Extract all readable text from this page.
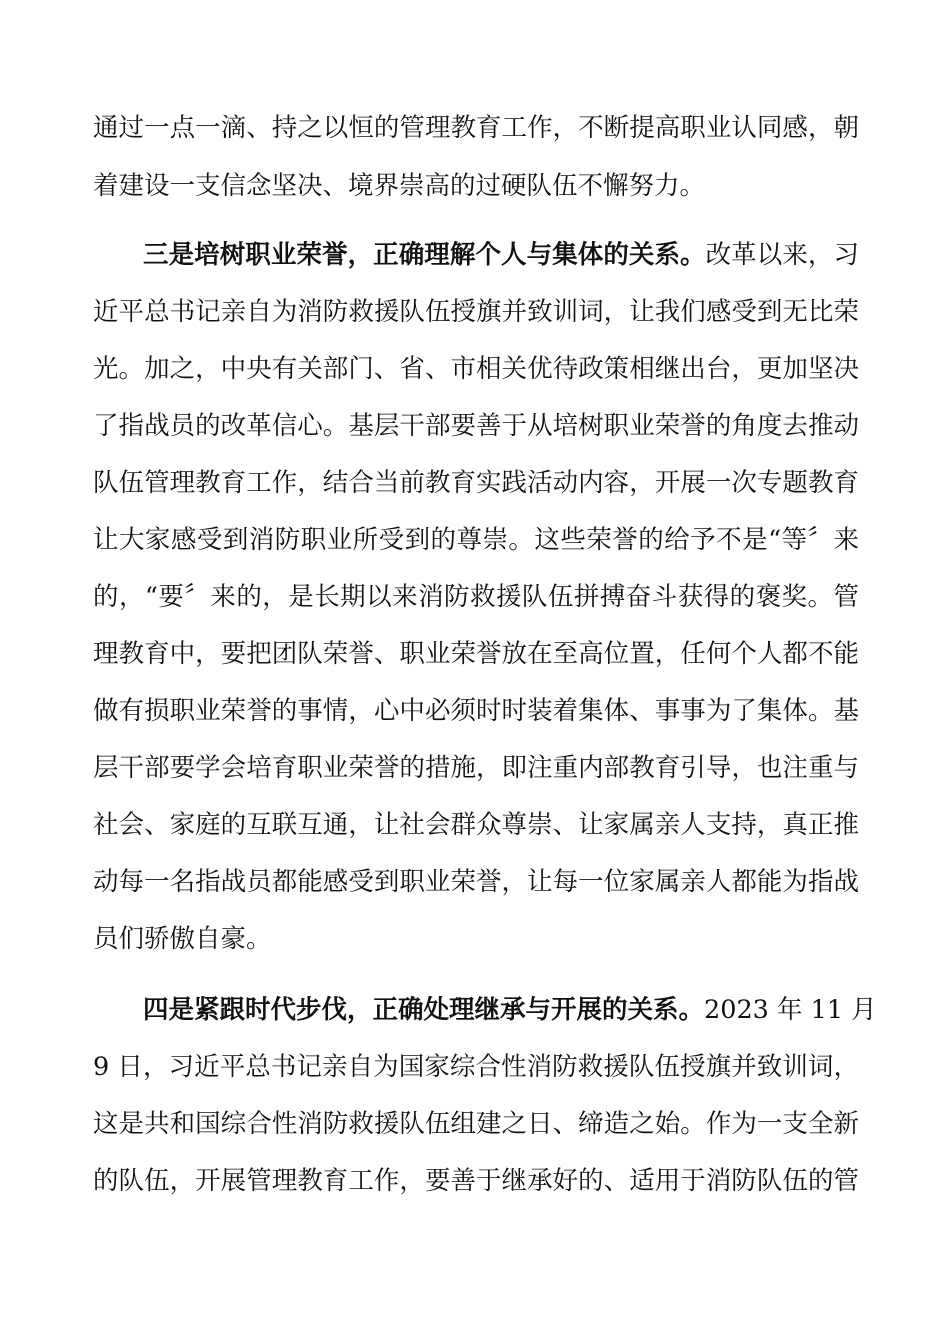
通过一点一滴、持之以恒的管理教育工作，不断提高职业认同感，朝
着建设一支信念坚决、境界崇高的过硬队伍不懈努力。
三是培树职业荣誉，正确理解个人与集体的关系。改革以来，习
近平总书记亲自为消防救援队伍授旗并致训词，让我们感受到无比荣
光。加之，中央有关部门、省、市相关优待政策相继出台，更加坚决
了指战员的改革信心。基层干部要善于从培树职业荣誉的角度去推动
队伍管理教育工作，结合当前教育实践活动内容，开展一次专题教育
让大家感受到消防职业所受到的尊崇。这些荣誉的给予不是“等〞来
的，“要〞来的，是长期以来消防救援队伍拼搏奋斗获得的褒奖。管
理教育中，要把团队荣誉、职业荣誉放在至高位置，任何个人都不能
做有损职业荣誉的事情，心中必须时时装着集体、事事为了集体。基
层干部要学会培育职业荣誉的措施，即注重内部教育引导，也注重与
社会、家庭的互联互通，让社会群众尊崇、让家属亲人支持，真正推
动每一名指战员都能感受到职业荣誉，让每一位家属亲人都能为指战
员们骄傲自豪。
四是紧跟时代步伐，正确处理继承与开展的关系。2023 年 11 月
9 日，习近平总书记亲自为国家综合性消防救援队伍授旗并致训词，
这是共和国综合性消防救援队伍组建之日、缔造之始。作为一支全新
的队伍，开展管理教育工作，要善于继承好的、适用于消防队伍的管
